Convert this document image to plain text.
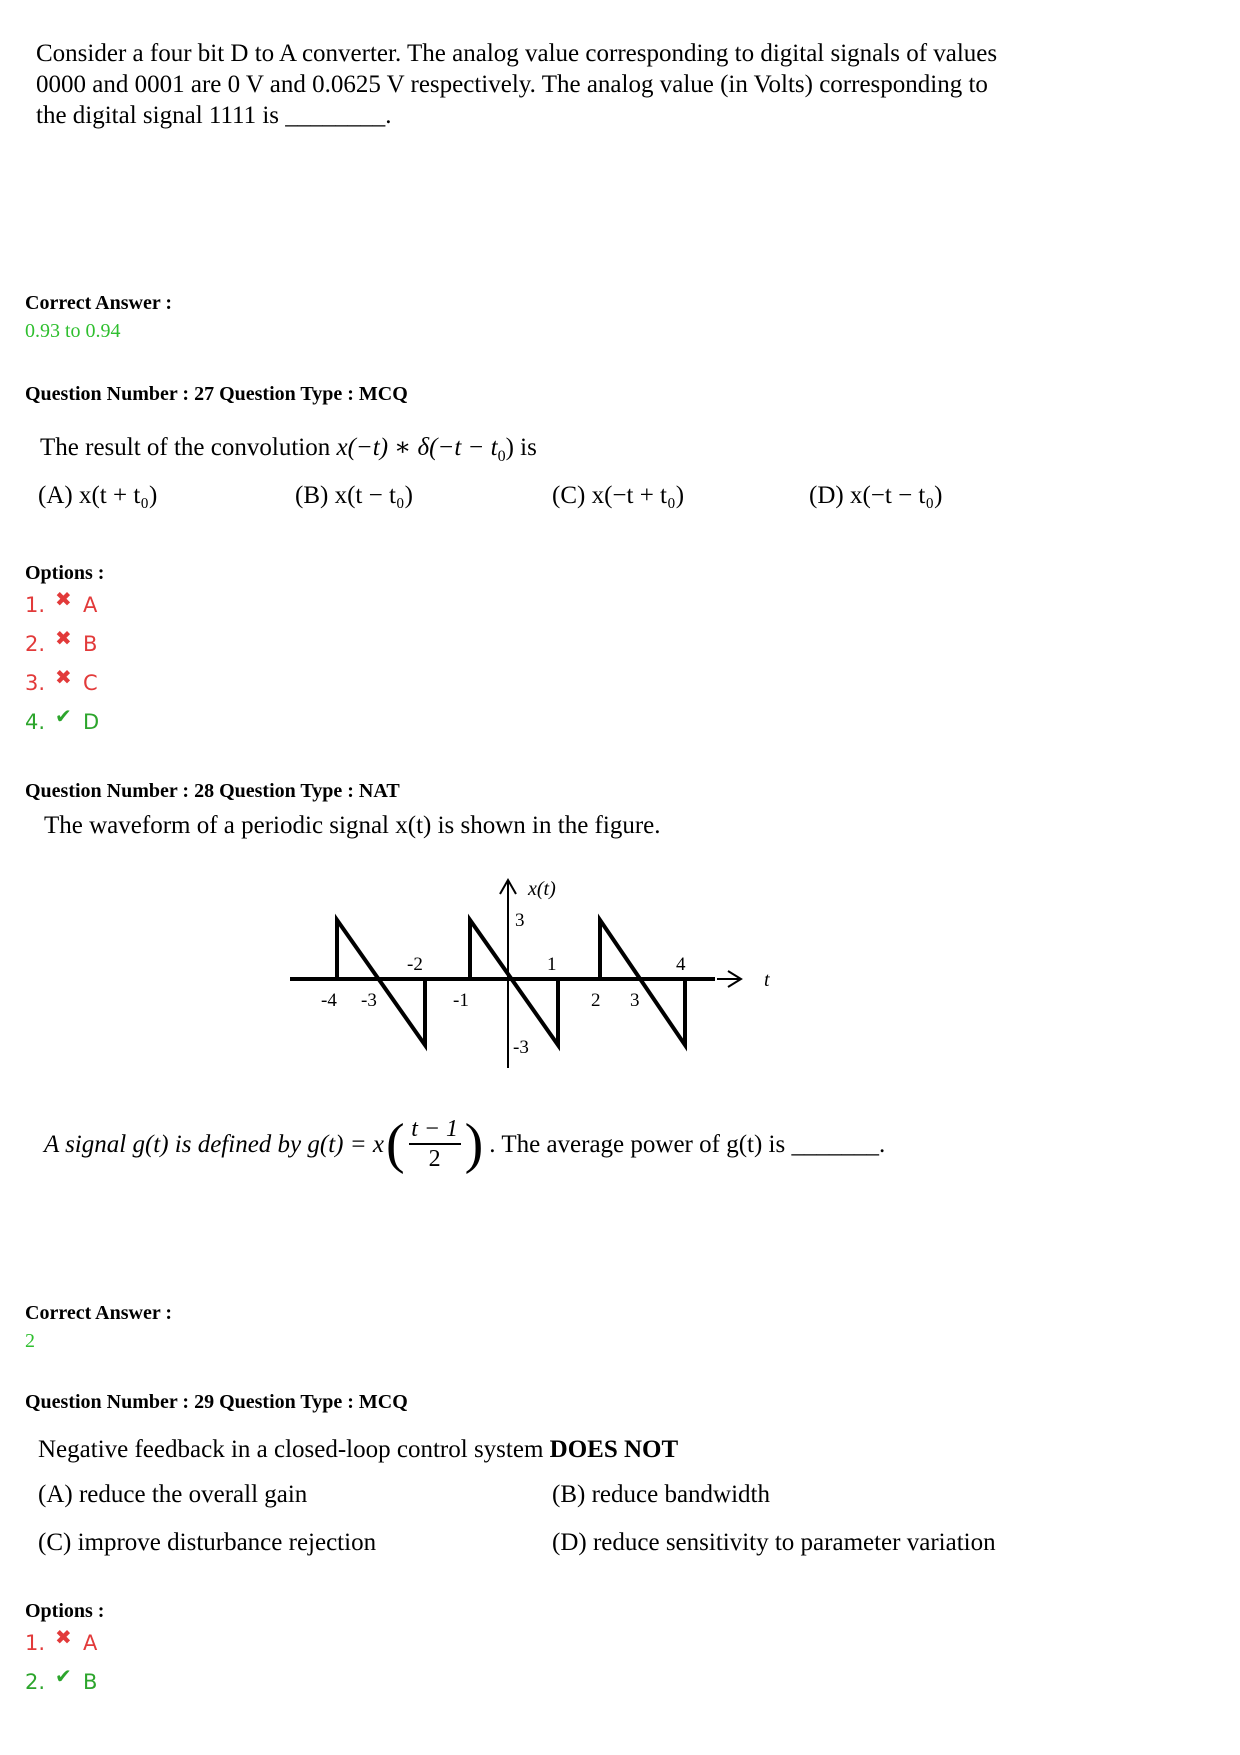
Consider a four bit D to A converter. The analog value corresponding to digital signals of values
0000 and 0001 are 0 V and 0.0625 V respectively. The analog value (in Volts) corresponding to
the digital signal 1111 is ________.
Correct Answer :
0.93 to 0.94
Question Number : 27 Question Type : MCQ
The result of the convolution x(−t) ∗ $\delta(-t - t_0)$ is
(A) x(t + t₀)	(B) x(t − t₀)	(C) x(−t + t₀)	(D) x(−t − t₀)
Options :
1. ✖ A
2. ✖ B
3. ✖ C
4. ✔ D
Question Number : 28 Question Type : NAT
The waveform of a periodic signal x(t) is shown in the figure.
x(t)
t
3
-3
-4 -3
-2
-1
1
2 3
4
A signal g(t) is defined by g(t) = x ( t − 1
2 ) . The average power of g(t) is _______.
Correct Answer :
2
Question Number : 29 Question Type : MCQ
Negative feedback in a closed-loop control system DOES NOT
(A) reduce the overall gain	(B) reduce bandwidth
(C) improve disturbance rejection	(D) reduce sensitivity to parameter variation
Options :
1. ✖ A
2. ✔ B
